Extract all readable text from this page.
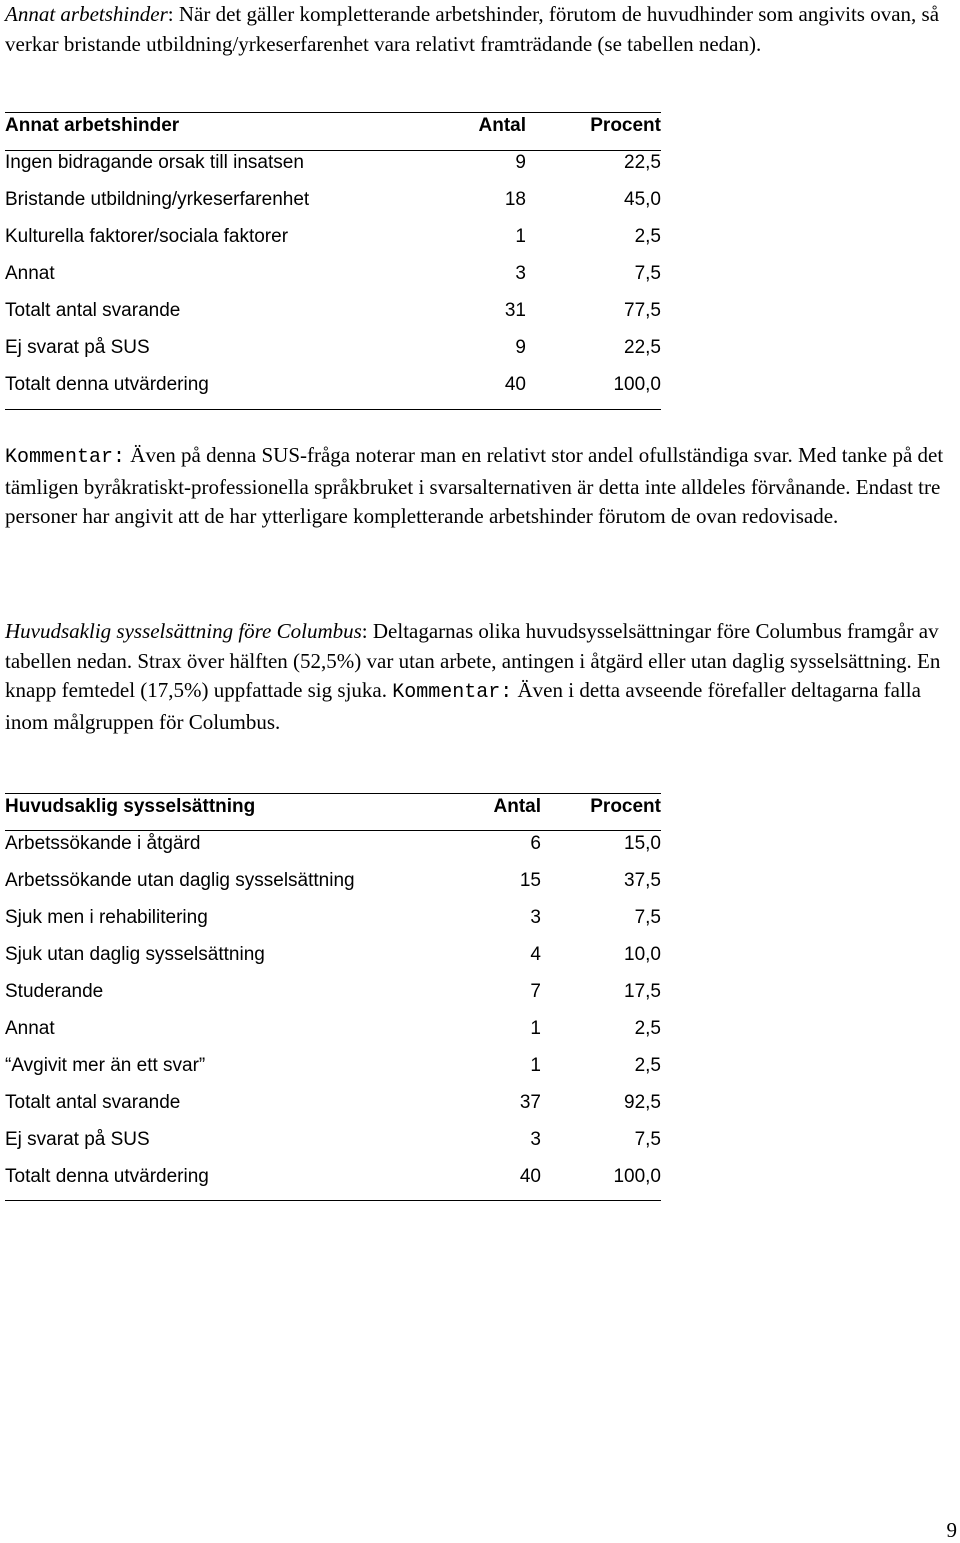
Annat arbetshinder: När det gäller kompletterande arbetshinder, förutom de huvudhinder som angivits ovan, så verkar bristande utbildning/yrkeserfarenhet vara relativt framträdande (se tabellen nedan).

Annat arbetshinder	Antal	Procent
Ingen bidragande orsak till insatsen	9	22,5
Bristande utbildning/yrkeserfarenhet	18	45,0
Kulturella faktorer/sociala faktorer	1	2,5
Annat	3	7,5
Totalt antal svarande	31	77,5
Ej svarat på SUS	9	22,5
Totalt denna utvärdering	40	100,0

Kommentar: Även på denna SUS-fråga noterar man en relativt stor andel ofullständiga svar. Med tanke på det tämligen byråkratiskt-professionella språkbruket i svarsalternativen är detta inte alldeles förvånande. Endast tre personer har angivit att de har ytterligare kompletterande arbetshinder förutom de ovan redovisade.

Huvudsaklig sysselsättning före Columbus: Deltagarnas olika huvudsysselsättningar före Columbus framgår av tabellen nedan. Strax över hälften (52,5%) var utan arbete, antingen i åtgärd eller utan daglig sysselsättning. En knapp femtedel (17,5%) uppfattade sig sjuka. Kommentar: Även i detta avseende förefaller deltagarna falla inom målgruppen för Columbus.

Huvudsaklig sysselsättning	Antal	Procent
Arbetssökande i åtgärd	6	15,0
Arbetssökande utan daglig sysselsättning	15	37,5
Sjuk men i rehabilitering	3	7,5
Sjuk utan daglig sysselsättning	4	10,0
Studerande	7	17,5
Annat	1	2,5
“Avgivit mer än ett svar”	1	2,5
Totalt antal svarande	37	92,5
Ej svarat på SUS	3	7,5
Totalt denna utvärdering	40	100,0
9
